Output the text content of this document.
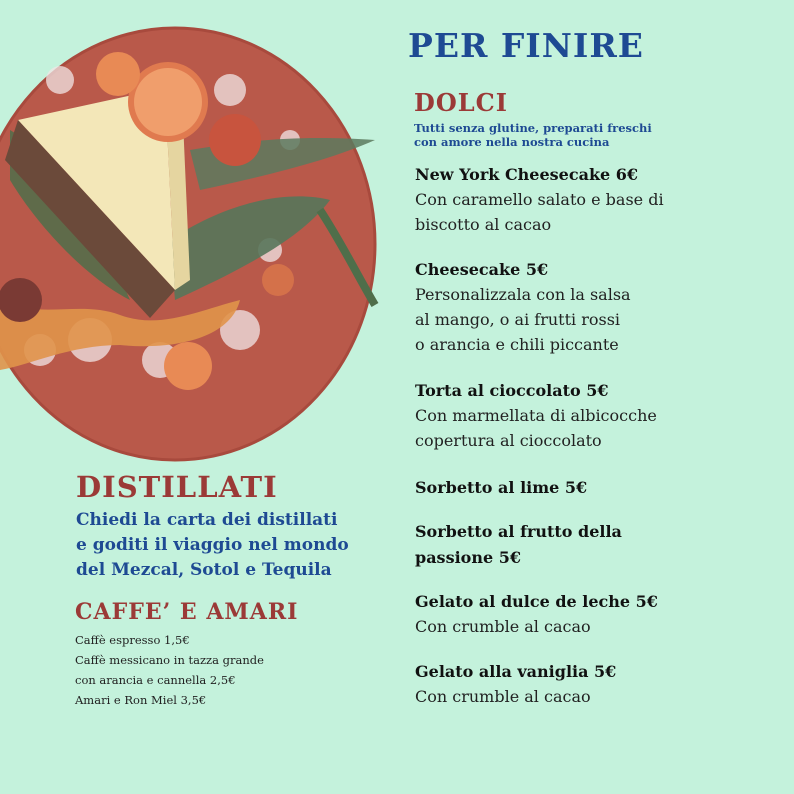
PER FINIRE
DOLCI
Tutti senza glutine, preparati freschi
con amore nella nostra cucina
New York Cheesecake 6€
Con caramello salato e base di
biscotto al cacao
Cheesecake 5€
Personalizzala con la salsa
al mango, o ai frutti rossi
o arancia e chili piccante
Torta al cioccolato 5€
Con marmellata di albicocche
copertura al cioccolato
Sorbetto al lime 5€
Sorbetto al frutto della
passione 5€
Gelato al dulce de leche 5€
Con crumble al cacao
Gelato alla vaniglia 5€
Con crumble al cacao
DISTILLATI
Chiedi la carta dei distillati
e goditi il viaggio nel mondo
del Mezcal, Sotol e Tequila
CAFFE’ E AMARI
Caffè espresso 1,5€
Caffè messicano in tazza grande
con arancia e cannella 2,5€
Amari e Ron Miel 3,5€
